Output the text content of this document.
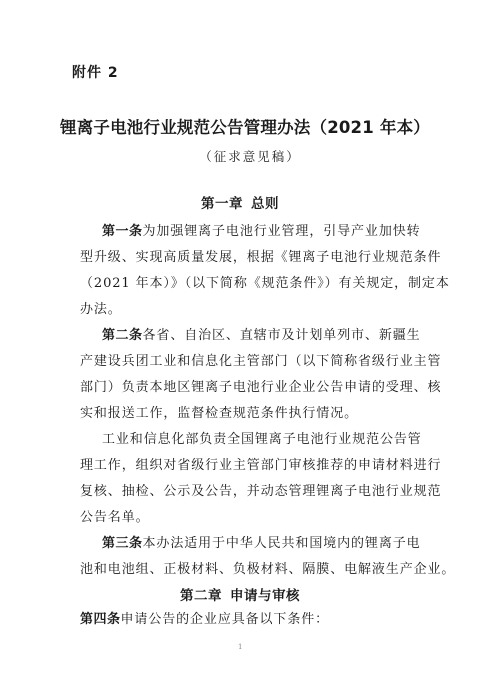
附件 2
锂离子电池行业规范公告管理办法（2021 年本）
（征求意见稿）
第一章 总则
第一条为加强锂离子电池行业管理，引导产业加快转
型升级、实现高质量发展，根据《锂离子电池行业规范条件
（2021 年本）》（以下简称《规范条件》）有关规定，制定本
办法。
第二条各省、自治区、直辖市及计划单列市、新疆生
产建设兵团工业和信息化主管部门（以下简称省级行业主管
部门）负责本地区锂离子电池行业企业公告申请的受理、核
实和报送工作，监督检查规范条件执行情况。
工业和信息化部负责全国锂离子电池行业规范公告管
理工作，组织对省级行业主管部门审核推荐的申请材料进行
复核、抽检、公示及公告，并动态管理锂离子电池行业规范
公告名单。
第三条本办法适用于中华人民共和国境内的锂离子电
池和电池组、正极材料、负极材料、隔膜、电解液生产企业。
第二章 申请与审核
第四条申请公告的企业应具备以下条件：
1
